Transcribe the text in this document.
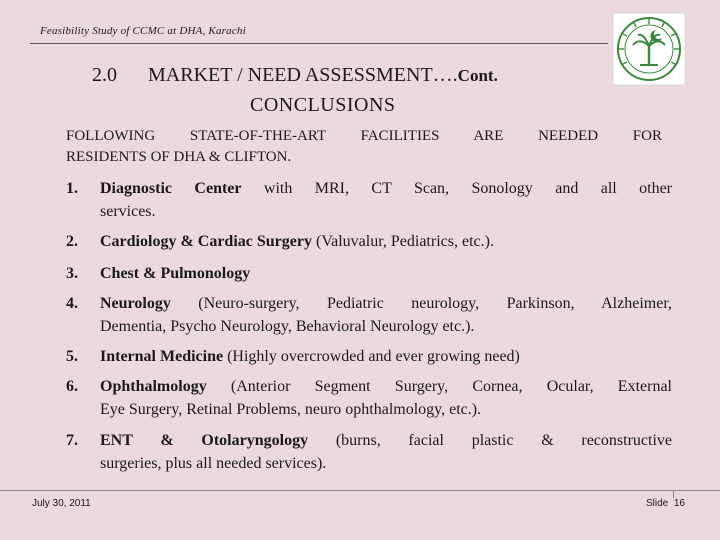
Feasibility Study of CCMC at DHA, Karachi
2.0 MARKET / NEED ASSESSMENT….Cont.
CONCLUSIONS
FOLLOWING STATE-OF-THE-ART FACILITIES ARE NEEDED FOR
RESIDENTS OF DHA & CLIFTON.
1. Diagnostic Center with MRI, CT Scan, Sonology and all other
services.
2. Cardiology & Cardiac Surgery (Valuvalur, Pediatrics, etc.).
3. Chest & Pulmonology
4. Neurology (Neuro-surgery, Pediatric neurology, Parkinson, Alzheimer,
Dementia, Psycho Neurology, Behavioral Neurology etc.).
5. Internal Medicine (Highly overcrowded and ever growing need)
6. Ophthalmology (Anterior Segment Surgery, Cornea, Ocular, External
Eye Surgery, Retinal Problems, neuro ophthalmology, etc.).
7. ENT & Otolaryngology (burns, facial plastic & reconstructive
surgeries, plus all needed services).
July 30, 2011	Slide 16
